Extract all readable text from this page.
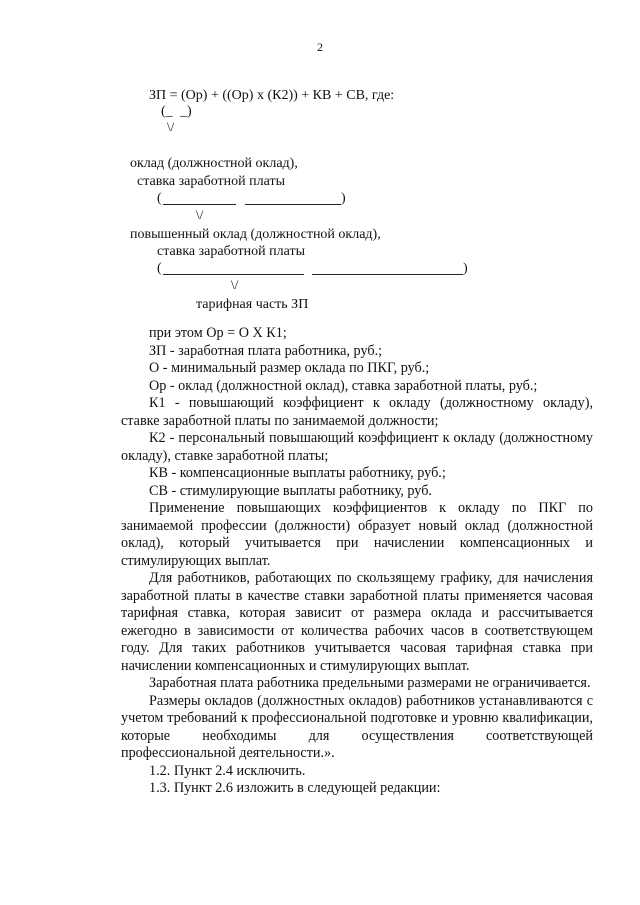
2
ЗП = (Ор) + ((Ор) х (К2)) + КВ + СВ, где:
(_ _)
\/
оклад (должностной оклад),
ставка заработной платы
(	)
\/
повышенный оклад (должностной оклад),
ставка заработной платы
(	)
\/
тарифная часть ЗП

при этом Ор = О Х К1;

ЗП - заработная плата работника, руб.;

О - минимальный размер оклада по ПКГ, руб.;

Ор - оклад (должностной оклад), ставка заработной платы, руб.;

К1 - повышающий коэффициент к окладу (должностному окладу), ставке заработной платы по занимаемой должности;

К2 - персональный повышающий коэффициент к окладу (должностному окладу), ставке заработной платы;

КВ - компенсационные выплаты работнику, руб.;

СВ - стимулирующие выплаты работнику, руб.

Применение повышающих коэффициентов к окладу по ПКГ по занимаемой профессии (должности) образует новый оклад (должностной оклад), который учитывается при начислении компенсационных и стимулирующих выплат.

Для работников, работающих по скользящему графику, для начисления заработной платы в качестве ставки заработной платы применяется часовая тарифная ставка, которая зависит от размера оклада и рассчитывается ежегодно в зависимости от количества рабочих часов в соответствующем году. Для таких работников учитывается часовая тарифная ставка при начислении компенсационных и стимулирующих выплат.

Заработная плата работника предельными размерами не ограничивается.

Размеры окладов (должностных окладов) работников устанавливаются с учетом требований к профессиональной подготовке и уровню квалификации, которые необходимы для осуществления соответствующей профессиональной деятельности.».

1.2. Пункт 2.4 исключить.

1.3. Пункт 2.6 изложить в следующей редакции:
